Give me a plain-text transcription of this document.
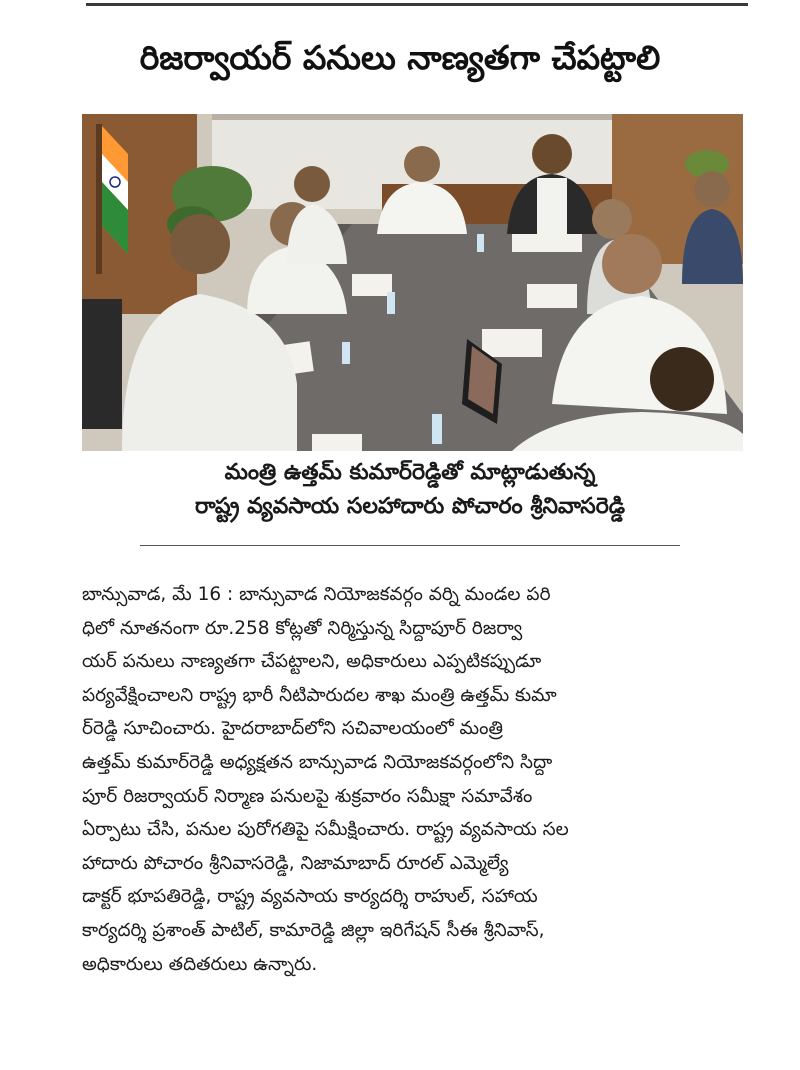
రిజర్వాయర్ పనులు నాణ్యతగా చేపట్టాలి
మంత్రి ఉత్తమ్ కుమార్‌రెడ్డితో మాట్లాడుతున్న
రాష్ట్ర వ్యవసాయ సలహాదారు పోచారం శ్రీనివాసరెడ్డి
బాన్సువాడ, మే 16 : బాన్సువాడ నియోజకవర్గం వర్ని మండల పరి
ధిలో నూతనంగా రూ.258 కోట్లతో నిర్మిస్తున్న సిద్దాపూర్ రిజర్వా
యర్ పనులు నాణ్యతగా చేపట్టాలని, అధికారులు ఎప్పటికప్పుడూ
పర్యవేక్షించాలని రాష్ట్ర భారీ నీటిపారుదల శాఖ మంత్రి ఉత్తమ్ కుమా
ర్‌రెడ్డి సూచించారు. హైదరాబాద్‌లోని సచివాలయంలో మంత్రి
ఉత్తమ్ కుమార్‌రెడ్డి అధ్యక్షతన బాన్సువాడ నియోజకవర్గంలోని సిద్దా
పూర్ రిజర్వాయర్ నిర్మాణ పనులపై శుక్రవారం సమీక్షా సమావేశం
ఏర్పాటు చేసి, పనుల పురోగతిపై సమీక్షించారు. రాష్ట్ర వ్యవసాయ సల
హాదారు పోచారం శ్రీనివాసరెడ్డి, నిజామాబాద్ రూరల్ ఎమ్మెల్యే
డాక్టర్ భూపతిరెడ్డి, రాష్ట్ర వ్యవసాయ కార్యదర్శి రాహుల్, సహాయ
కార్యదర్శి ప్రశాంత్ పాటిల్, కామారెడ్డి జిల్లా ఇరిగేషన్ సీఈ శ్రీనివాస్,
అధికారులు తదితరులు ఉన్నారు.
